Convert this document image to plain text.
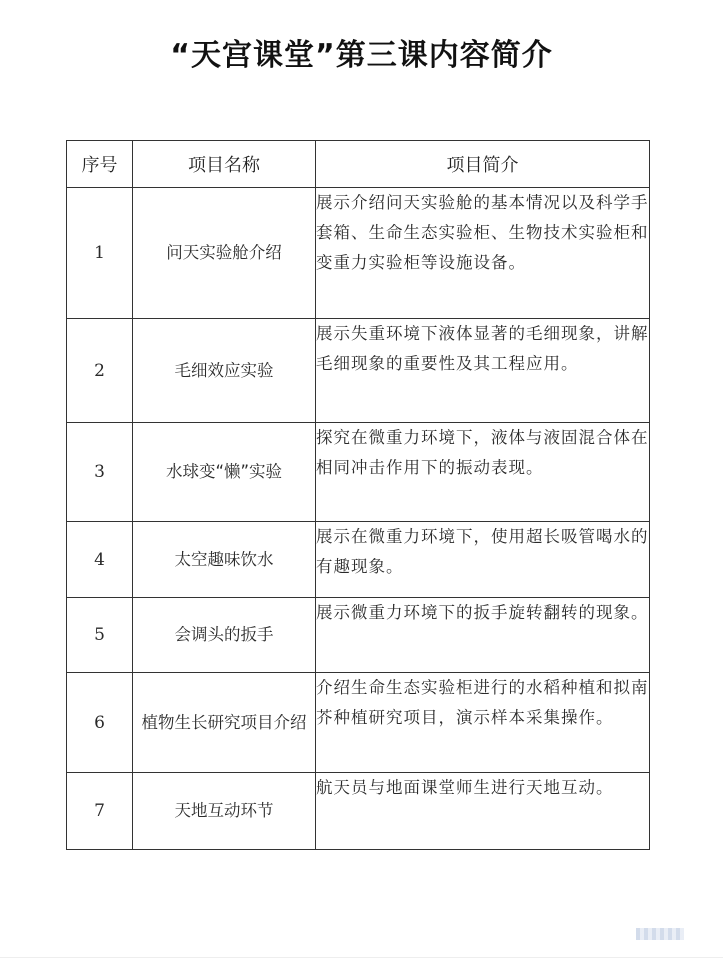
“天宫课堂”第三课内容简介
序号	项目名称	项目简介
1	问天实验舱介绍	展示介绍问天实验舱的基本情况以及科学手套箱、生命生态实验柜、生物技术实验柜和变重力实验柜等设施设备。
2	毛细效应实验	展示失重环境下液体显著的毛细现象，讲解毛细现象的重要性及其工程应用。
3	水球变“懒”实验	探究在微重力环境下，液体与液固混合体在相同冲击作用下的振动表现。
4	太空趣味饮水	展示在微重力环境下，使用超长吸管喝水的有趣现象。
5	会调头的扳手	展示微重力环境下的扳手旋转翻转的现象。
6	植物生长研究项目介绍	介绍生命生态实验柜进行的水稻种植和拟南芥种植研究项目，演示样本采集操作。
7	天地互动环节	航天员与地面课堂师生进行天地互动。
